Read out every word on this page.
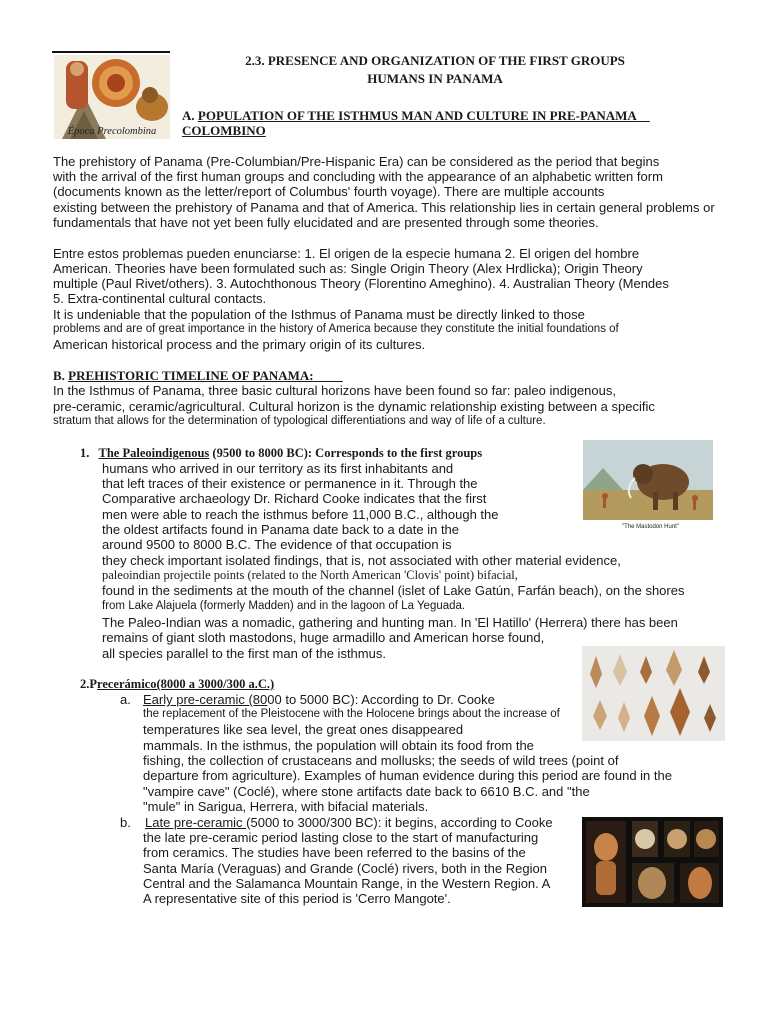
Época Precolombina
2.3. PRESENCE AND ORGANIZATION OF THE FIRST GROUPS
HUMANS IN PANAMA
A. POPULATION OF THE ISTHMUS MAN AND CULTURE IN PRE-PANAMA
COLOMBINO
The prehistory of Panama (Pre-Columbian/Pre-Hispanic Era) can be considered as the period that begins
with the arrival of the first human groups and concluding with the appearance of an alphabetic written form
(documents known as the letter/report of Columbus' fourth voyage). There are multiple accounts
existing between the prehistory of Panama and that of America. This relationship lies in certain general problems or
fundamentals that have not yet been fully elucidated and are presented through some theories.
Entre estos problemas pueden enunciarse: 1. El origen de la especie humana 2. El origen del hombre
American. Theories have been formulated such as: Single Origin Theory (Alex Hrdlicka); Origin Theory
multiple (Paul Rivet/others). 3. Autochthonous Theory (Florentino Ameghino). 4. Australian Theory (Mendes
5. Extra-continental cultural contacts.
It is undeniable that the population of the Isthmus of Panama must be directly linked to those
problems and are of great importance in the history of America because they constitute the initial foundations of
American historical process and the primary origin of its cultures.
B. PREHISTORIC TIMELINE OF PANAMA:
In the Isthmus of Panama, three basic cultural horizons have been found so far: paleo indigenous,
pre-ceramic, ceramic/agricultural. Cultural horizon is the dynamic relationship existing between a specific
stratum that allows for the determination of typological differentiations and way of life of a culture.
1. The Paleoindigenous (9500 to 8000 BC): Corresponds to the first groups
"The Mastodon Hunt"
humans who arrived in our territory as its first inhabitants and
that left traces of their existence or permanence in it. Through the
Comparative archaeology Dr. Richard Cooke indicates that the first
men were able to reach the isthmus before 11,000 B.C., although the
the oldest artifacts found in Panama date back to a date in the
around 9500 to 8000 B.C. The evidence of that occupation is
they check important isolated findings, that is, not associated with other material evidence,
paleoindian projectile points (related to the North American 'Clovis' point) bifacial,
found in the sediments at the mouth of the channel (islet of Lake Gatún, Farfán beach), on the shores
from Lake Alajuela (formerly Madden) and in the lagoon of La Yeguada.
The Paleo-Indian was a nomadic, gathering and hunting man. In 'El Hatillo' (Herrera) there has been
remains of giant sloth mastodons, huge armadillo and American horse found,
all species parallel to the first man of the isthmus.
2.Precerámico(8000 a 3000/300 a.C.)
a. Early pre-ceramic (8000 to 5000 BC): According to Dr. Cooke
the replacement of the Pleistocene with the Holocene brings about the increase of
temperatures like sea level, the great ones disappeared
mammals. In the isthmus, the population will obtain its food from the
fishing, the collection of crustaceans and mollusks; the seeds of wild trees (point of
departure from agriculture). Examples of human evidence during this period are found in the
"vampire cave" (Coclé), where stone artifacts date back to 6610 B.C. and "the
"mule" in Sarigua, Herrera, with bifacial materials.
b. Late pre-ceramic (5000 to 3000/300 BC): it begins, according to Cooke
the late pre-ceramic period lasting close to the start of manufacturing
from ceramics. The studies have been referred to the basins of the
Santa María (Veraguas) and Grande (Coclé) rivers, both in the Region
Central and the Salamanca Mountain Range, in the Western Region. A
A representative site of this period is 'Cerro Mangote'.
